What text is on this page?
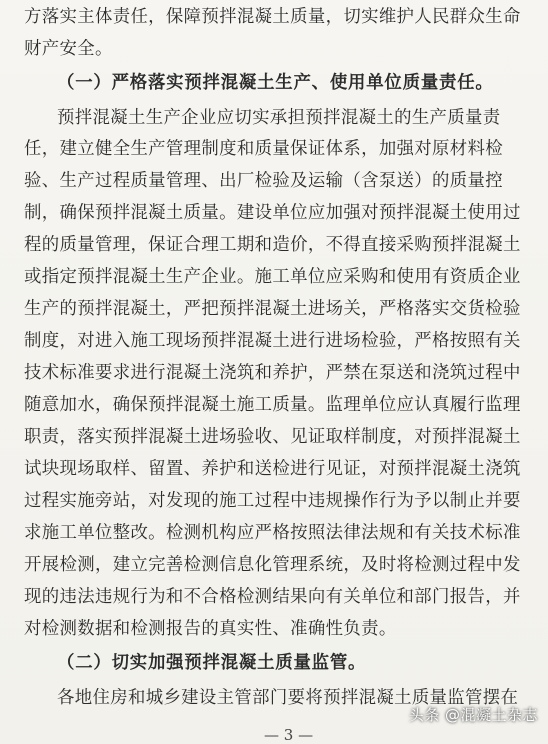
方落实主体责任，保障预拌混凝土质量，切实维护人民群众生命
财产安全。
（一）严格落实预拌混凝土生产、使用单位质量责任。
预拌混凝土生产企业应切实承担预拌混凝土的生产质量责
任，建立健全生产管理制度和质量保证体系，加强对原材料检
验、生产过程质量管理、出厂检验及运输（含泵送）的质量控
制，确保预拌混凝土质量。建设单位应加强对预拌混凝土使用过
程的质量管理，保证合理工期和造价，不得直接采购预拌混凝土
或指定预拌混凝土生产企业。施工单位应采购和使用有资质企业
生产的预拌混凝土，严把预拌混凝土进场关，严格落实交货检验
制度，对进入施工现场预拌混凝土进行进场检验，严格按照有关
技术标准要求进行混凝土浇筑和养护，严禁在泵送和浇筑过程中
随意加水，确保预拌混凝土施工质量。监理单位应认真履行监理
职责，落实预拌混凝土进场验收、见证取样制度，对预拌混凝土
试块现场取样、留置、养护和送检进行见证，对预拌混凝土浇筑
过程实施旁站，对发现的施工过程中违规操作行为予以制止并要
求施工单位整改。检测机构应严格按照法律法规和有关技术标准
开展检测，建立完善检测信息化管理系统，及时将检测过程中发
现的违法违规行为和不合格检测结果向有关单位和部门报告，并
对检测数据和检测报告的真实性、准确性负责。
（二）切实加强预拌混凝土质量监管。
各地住房和城乡建设主管部门要将预拌混凝土质量监管摆在
— 3 —
头条 @混凝土杂志
